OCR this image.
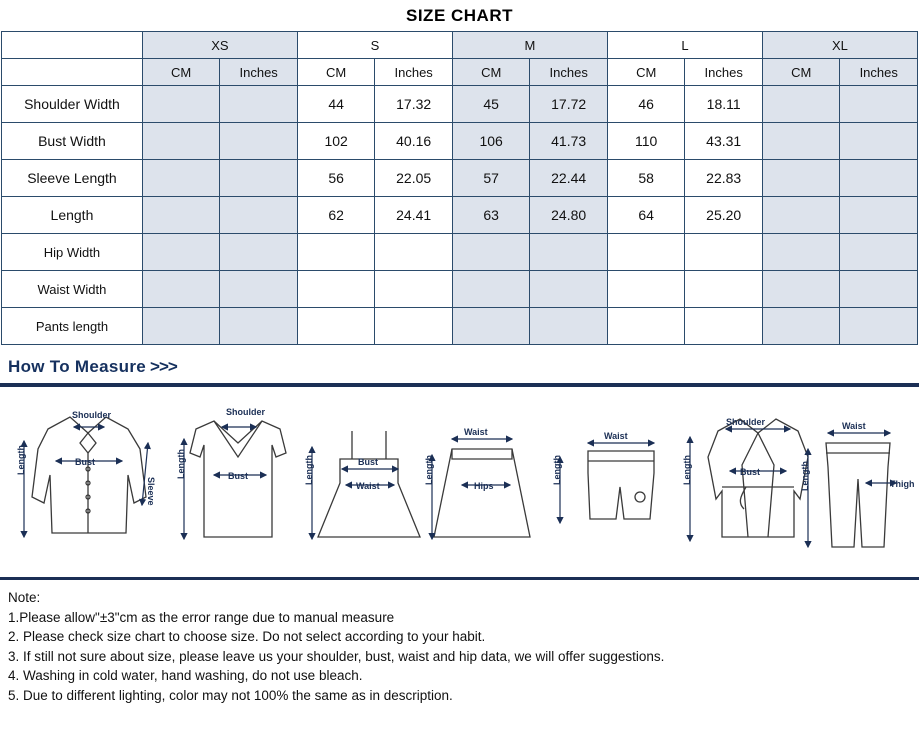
SIZE CHART
	XS		S		M		L		XL	
	CM	Inches	CM	Inches	CM	Inches	CM	Inches	CM	Inches
Shoulder Width			44	17.32	45	17.72	46	18.11		
Bust Width			102	40.16	106	41.73	110	43.31		
Sleeve Length			56	22.05	57	22.44	58	22.83		
Length			62	24.41	63	24.80	64	25.20		
Hip Width										
Waist Width										
Pants length										
How To Measure >>>
Shoulder
Bust
Sleeve
Length
Shoulder
Bust
Length	Bust
Waist
Length
Waist
Hips
Length
Waist
Length
Shoulder
Bust
Length
Waist
Thigh
Length
Note:
1.Please allow"±3"cm as the error range due to manual measure
2. Please check size chart to choose size. Do not select according to your habit.
3. If still not sure about size, please leave us your shoulder, bust, waist and hip data, we will offer suggestions.
4. Washing in cold water, hand washing, do not use bleach.
5. Due to different lighting, color may not 100% the same as in description.
